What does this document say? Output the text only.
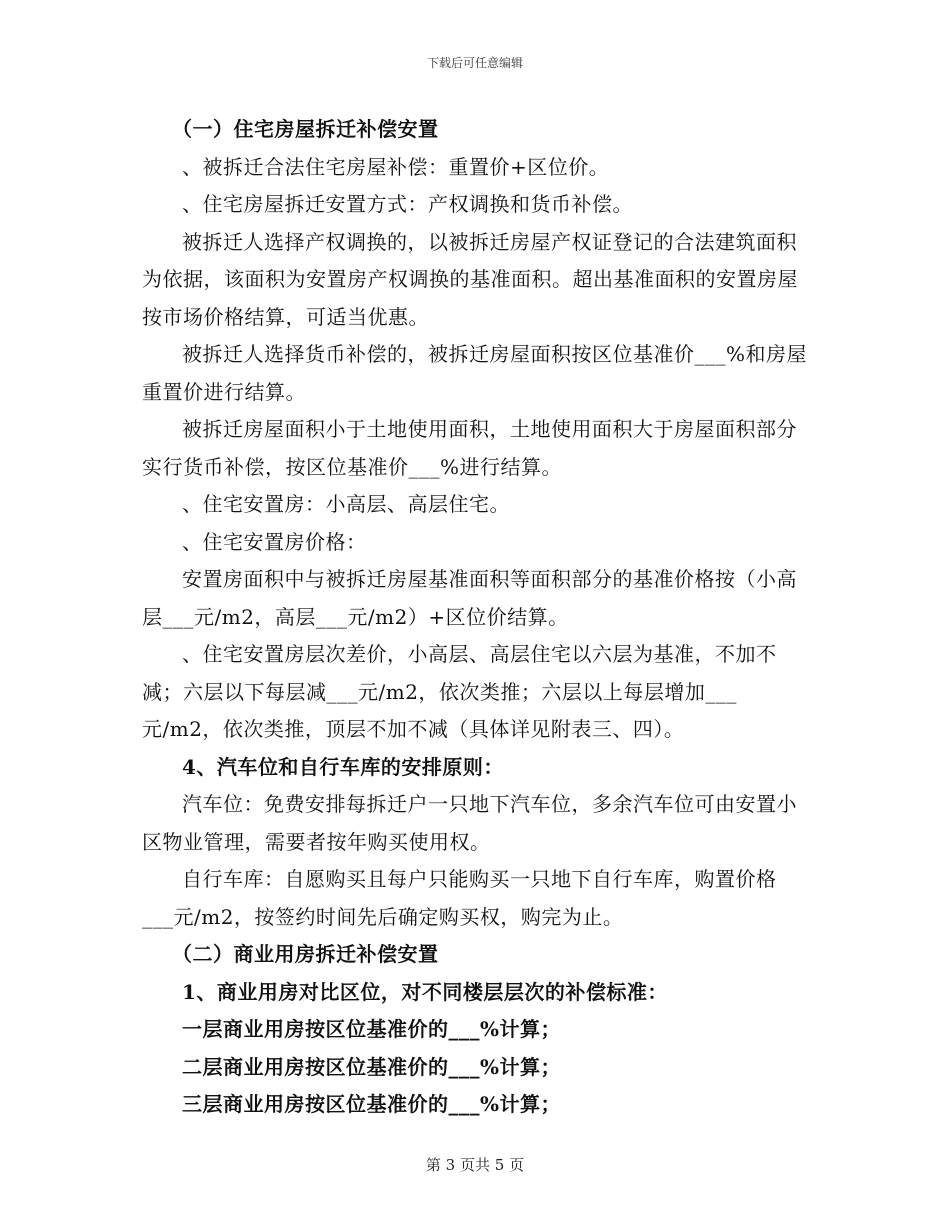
下载后可任意编辑

（一）住宅房屋拆迁补偿安置

、被拆迁合法住宅房屋补偿：重置价+区位价。

、住宅房屋拆迁安置方式：产权调换和货币补偿。

被拆迁人选择产权调换的，以被拆迁房屋产权证登记的合法建筑面积为依据，该面积为安置房产权调换的基准面积。超出基准面积的安置房屋按市场价格结算，可适当优惠。

被拆迁人选择货币补偿的，被拆迁房屋面积按区位基准价___%和房屋重置价进行结算。

被拆迁房屋面积小于土地使用面积，土地使用面积大于房屋面积部分实行货币补偿，按区位基准价___%进行结算。

、住宅安置房：小高层、高层住宅。

、住宅安置房价格：

安置房面积中与被拆迁房屋基准面积等面积部分的基准价格按（小高层___元/m2，高层___元/m2）+区位价结算。

、住宅安置房层次差价，小高层、高层住宅以六层为基准，不加不减；六层以下每层减___元/m2，依次类推；六层以上每层增加___元/m2，依次类推，顶层不加不减（具体详见附表三、四）。

4、汽车位和自行车库的安排原则：

汽车位：免费安排每拆迁户一只地下汽车位，多余汽车位可由安置小区物业管理，需要者按年购买使用权。

自行车库：自愿购买且每户只能购买一只地下自行车库，购置价格___元/m2，按签约时间先后确定购买权，购完为止。

（二）商业用房拆迁补偿安置

1、商业用房对比区位，对不同楼层层次的补偿标准：

一层商业用房按区位基准价的___%计算；

二层商业用房按区位基准价的___%计算；

三层商业用房按区位基准价的___%计算；

第 3 页共 5 页
